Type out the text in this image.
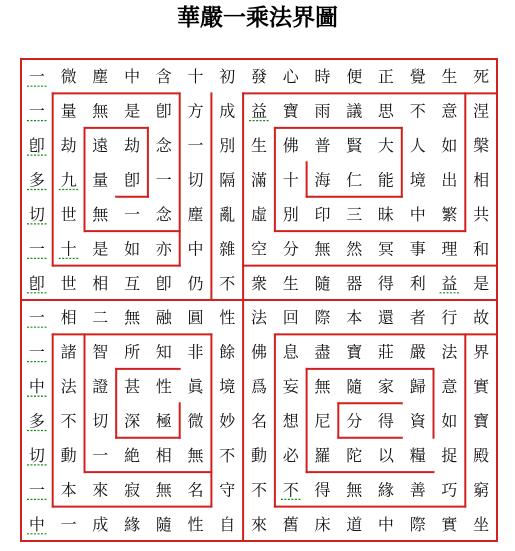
華嚴一乘法界圖
一 微 塵 中 含 十 初 發 心 時 便 正 覺 生 死
一 量 無 是 卽 方 成 益 寶 雨 議 思 不 意 涅
卽 劫 遠 劫 念 一 別 生 佛 普 賢 大 人 如 槃
多 九 量 卽 一 切 隔 滿 十 海 仁 能 境 出 相
切 世 無 一 念 塵 亂 虛 別 印 三 昧 中 繁 共
一 十 是 如 亦 中 雜 空 分 無 然 冥 事 理 和
卽 世 相 互 卽 仍 不 衆 生 隨 器 得 利 益 是
一 相 二 無 融 圓 性 法 回 際 本 還 者 行 故
一 諸 智 所 知 非 餘 佛 息 盡 寶 莊 嚴 法 界
中 法 證 甚 性 眞 境 爲 妄 無 隨 家 歸 意 實
多 不 切 深 極 微 妙 名 想 尼 分 得 資 如 寶
切 動 一 絶 相 無 不 動 必 羅 陀 以 糧 捉 殿
一 本 來 寂 無 名 守 不 不 得 無 緣 善 巧 窮
中 一 成 緣 隨 性 自 來 舊 床 道 中 際 實 坐
